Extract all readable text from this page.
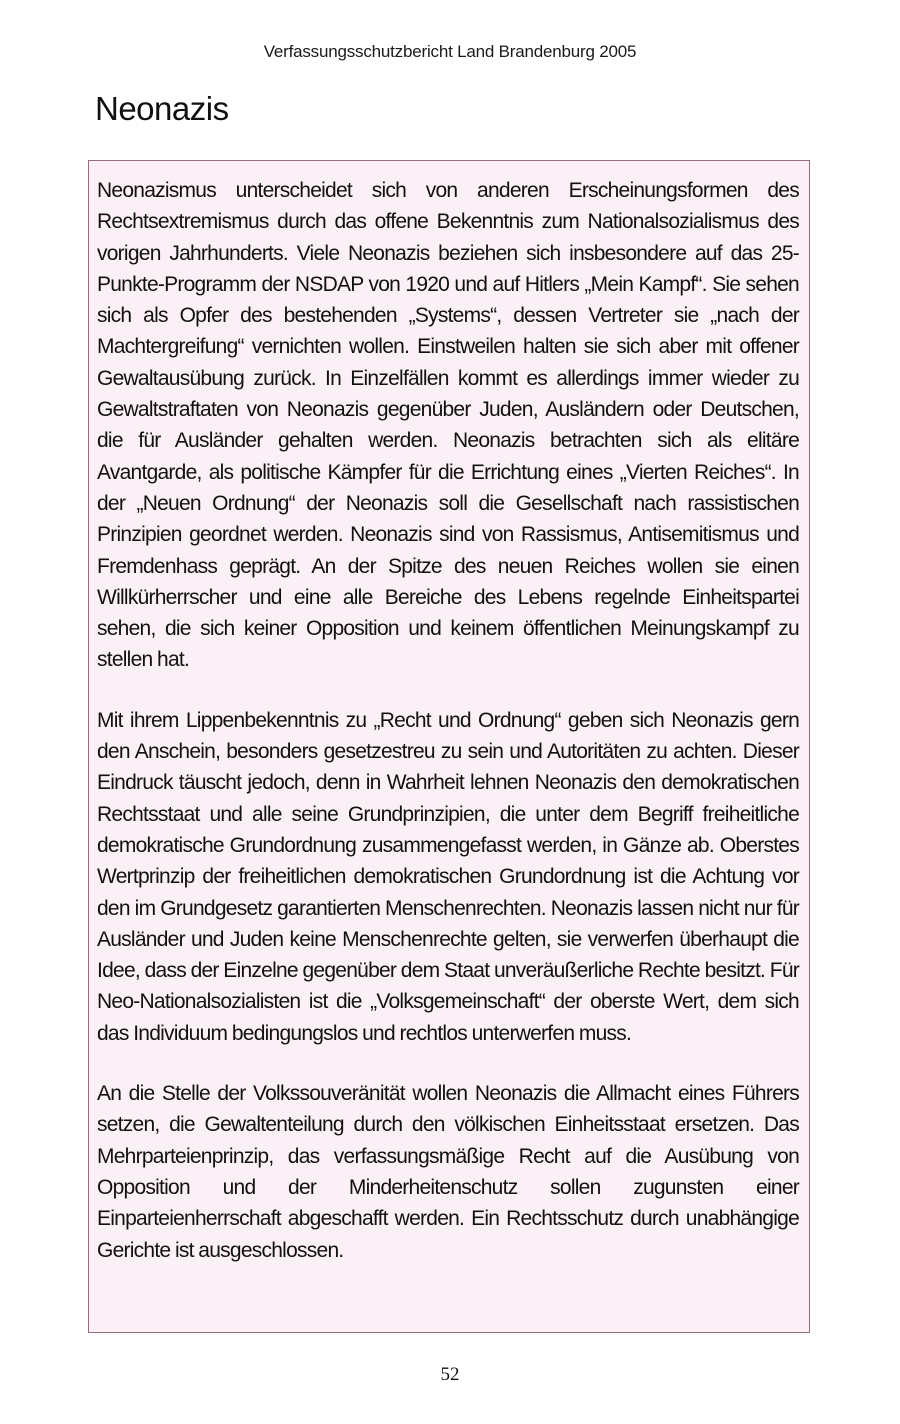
Verfassungsschutzbericht Land Brandenburg 2005
Neonazis

Neonazismus unterscheidet sich von anderen Erscheinungsformen des Rechtsextremismus durch das offene Bekenntnis zum Nationalsozialismus des vorigen Jahrhunderts. Viele Neonazis beziehen sich insbesondere auf das 25-Punkte-Programm der NSDAP von 1920 und auf Hitlers „Mein Kampf“. Sie sehen sich als Opfer des bestehenden „Systems“, dessen Vertreter sie „nach der Machtergreifung“ vernichten wollen. Einstweilen halten sie sich aber mit offener Gewaltausübung zurück. In Einzelfällen kommt es allerdings immer wieder zu Gewaltstraftaten von Neonazis gegenüber Juden, Ausländern oder Deutschen, die für Ausländer gehalten werden. Neonazis betrachten sich als elitäre Avantgarde, als politische Kämpfer für die Errichtung eines „Vierten Reiches“. In der „Neuen Ordnung“ der Neonazis soll die Gesellschaft nach rassistischen Prinzipien geordnet werden. Neonazis sind von Rassismus, Antisemitismus und Fremdenhass geprägt. An der Spitze des neuen Reiches wollen sie einen Willkürherrscher und eine alle Bereiche des Lebens regelnde Einheitspartei sehen, die sich keiner Opposition und keinem öffentlichen Meinungskampf zu stellen hat.

Mit ihrem Lippenbekenntnis zu „Recht und Ordnung“ geben sich Neonazis gern den Anschein, besonders gesetzestreu zu sein und Autoritäten zu achten. Dieser Eindruck täuscht jedoch, denn in Wahrheit lehnen Neonazis den demokratischen Rechtsstaat und alle seine Grundprinzipien, die unter dem Begriff freiheitliche demokratische Grundordnung zusammengefasst werden, in Gänze ab. Oberstes Wertprinzip der freiheitlichen demokratischen Grundordnung ist die Achtung vor den im Grundgesetz garantierten Menschenrechten. Neonazis lassen nicht nur für Ausländer und Juden keine Menschenrechte gelten, sie verwerfen überhaupt die Idee, dass der Einzelne gegenüber dem Staat unveräußerliche Rechte besitzt. Für Neo-Nationalsozialisten ist die „Volksgemeinschaft“ der oberste Wert, dem sich das Individuum bedingungslos und rechtlos unterwerfen muss.

An die Stelle der Volkssouveränität wollen Neonazis die Allmacht eines Führers setzen, die Gewaltenteilung durch den völkischen Einheitsstaat ersetzen. Das Mehrparteienprinzip, das verfassungsmäßige Recht auf die Ausübung von Opposition und der Minderheitenschutz sollen zugunsten einer Einparteienherrschaft abgeschafft werden. Ein Rechtsschutz durch unabhängige Gerichte ist ausgeschlossen.

52
